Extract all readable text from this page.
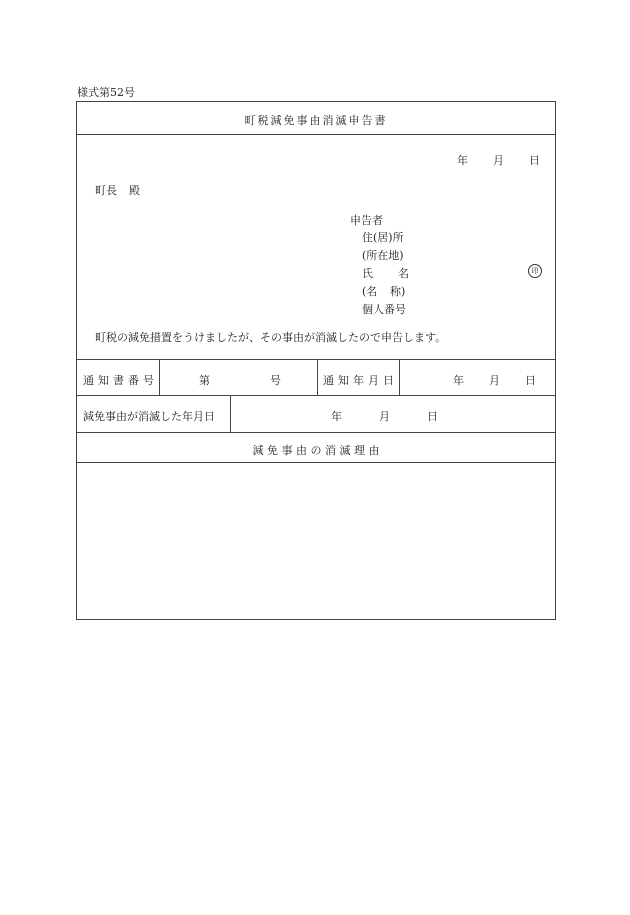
様式第52号
町税減免事由消滅申告書
年 月 日
町長 殿
申告者
住(居)所
(所在地)
氏 名	印
(名 称)
個人番号
町税の減免措置をうけましたが、その事由が消滅したので申告します。
通知書番号	第	号	通知年月日	年 月 日
減免事由が消滅した年月日	年	月	日
減 免 事 由 の 消 滅 理 由
